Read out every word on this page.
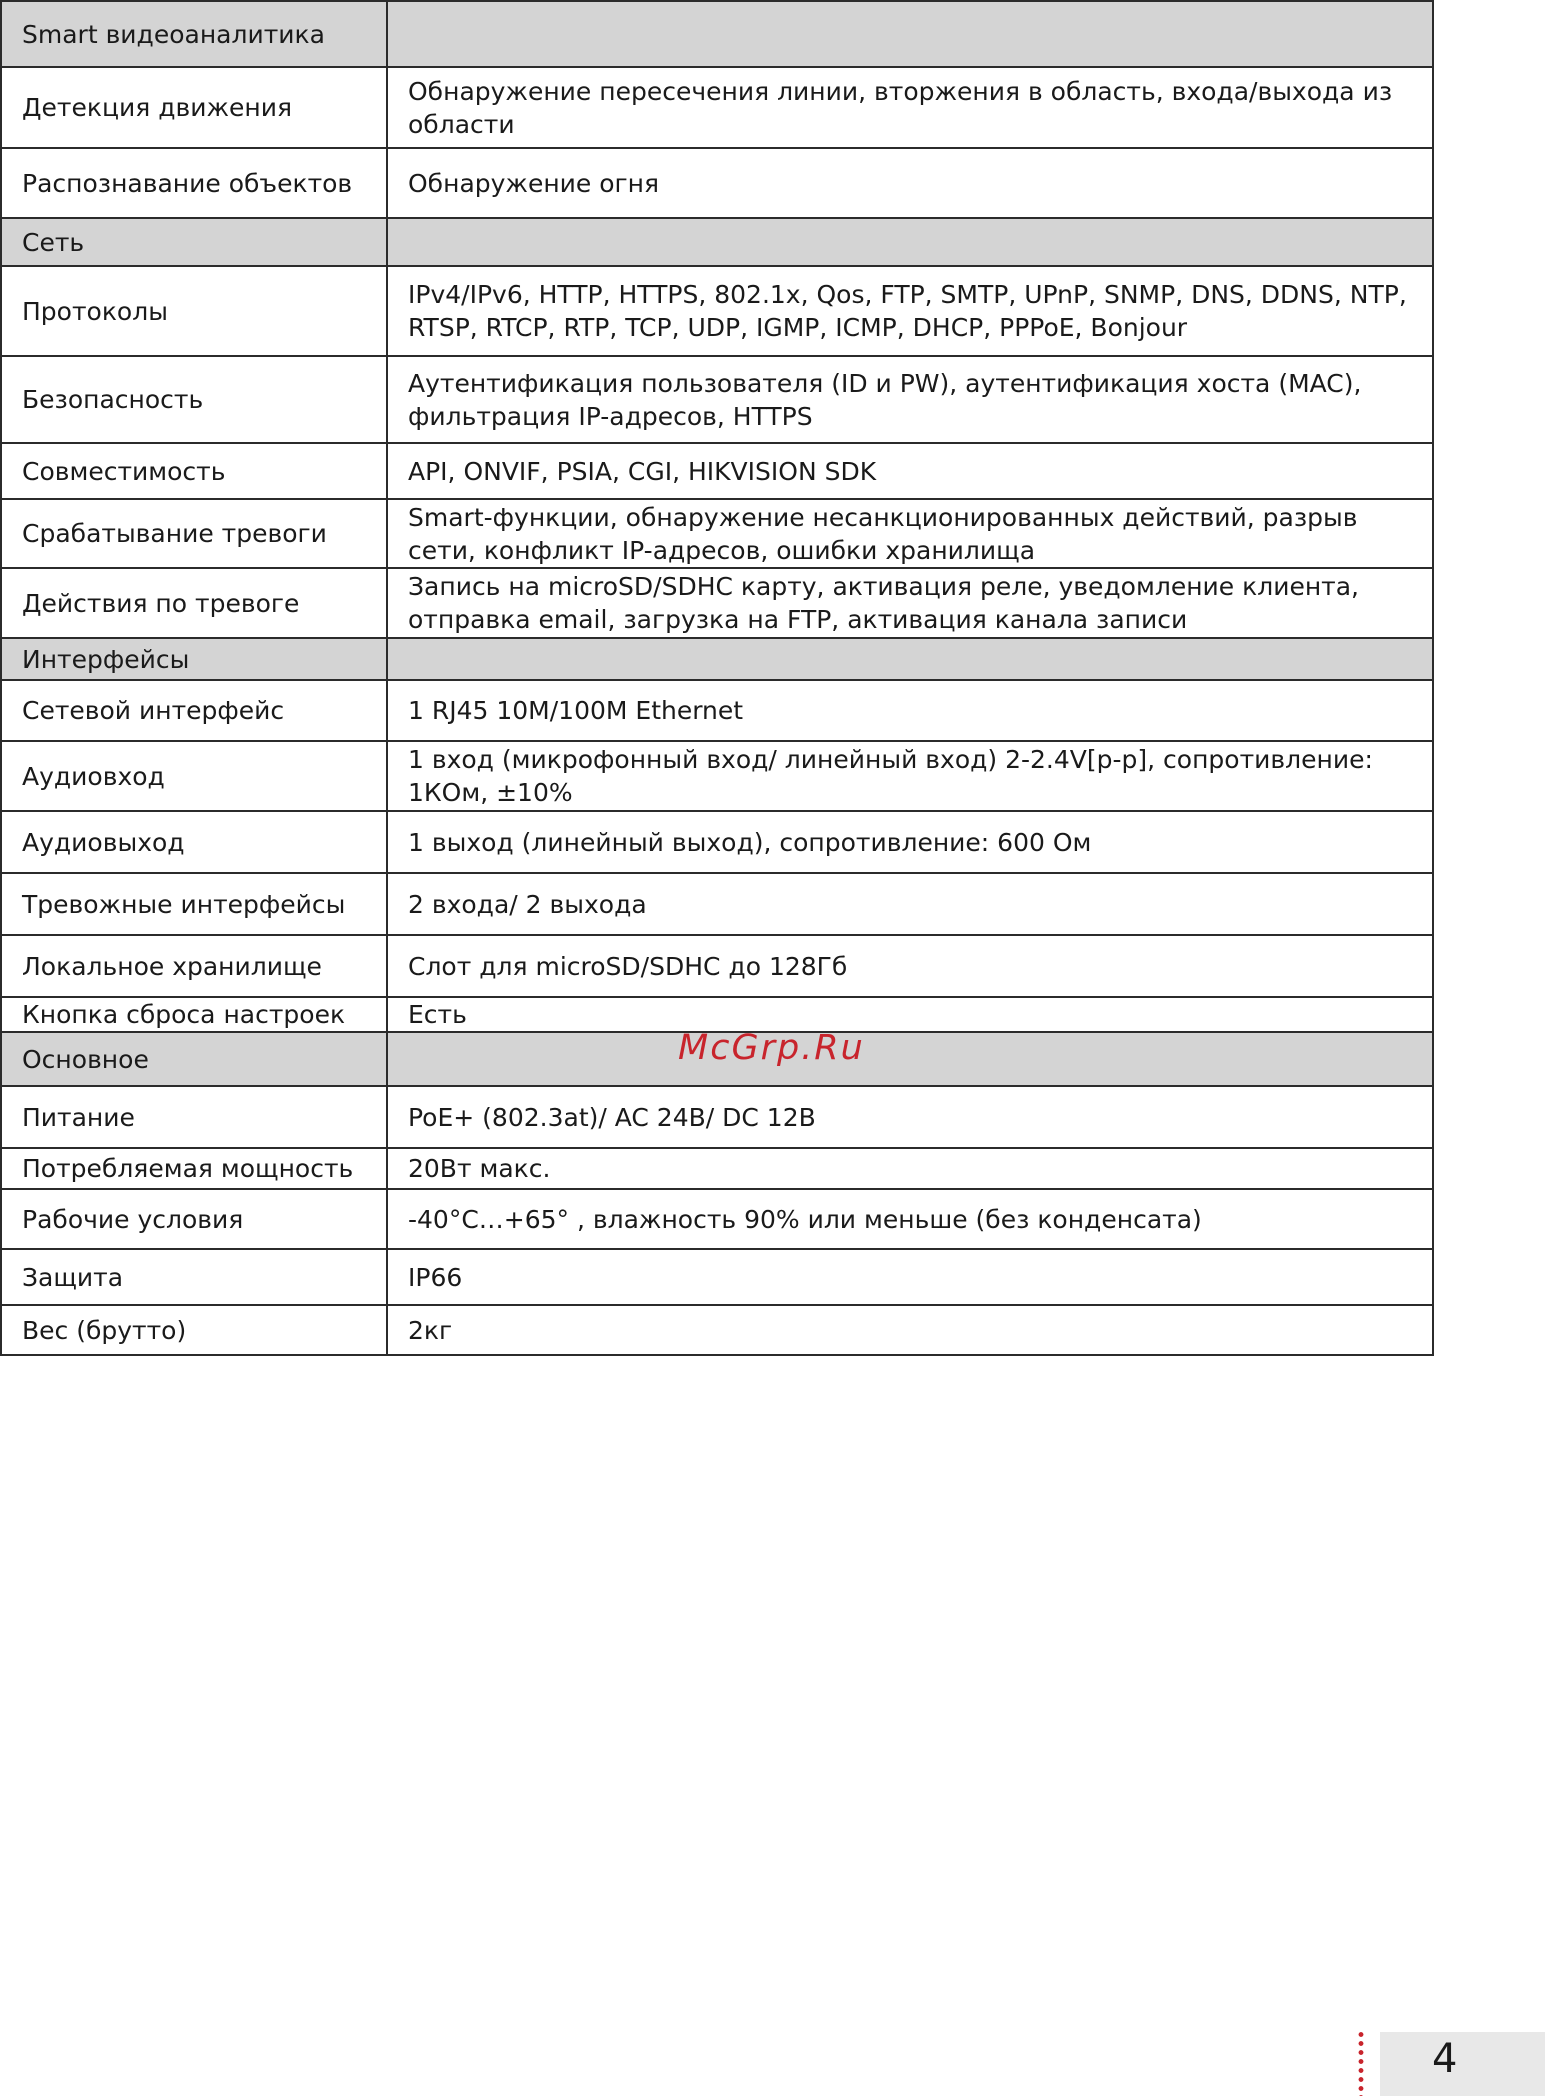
Smart видеоаналитика	
Детекция движения	Обнаружение пересечения линии, вторжения в область, входа/выхода из области
Распознавание объектов	Обнаружение огня
Сеть	
Протоколы	IPv4/IPv6, HTTP, HTTPS, 802.1x, Qos, FTP, SMTP, UPnP, SNMP, DNS, DDNS, NTP, RTSP, RTCP, RTP, TCP, UDP, IGMP, ICMP, DHCP, PPPoE, Bonjour
Безопасность	Аутентификация пользователя (ID и PW), аутентификация хоста (MAC), фильтрация IP-адресов, HTTPS
Совместимость	API, ONVIF, PSIA, CGI, HIKVISION SDK
Срабатывание тревоги	Smart-функции, обнаружение несанкционированных действий, разрыв сети, конфликт IP-адресов, ошибки хранилища
Действия по тревоге	Запись на microSD/SDHC карту, активация реле, уведомление клиента, отправка email, загрузка на FTP, активация канала записи
Интерфейсы	
Сетевой интерфейс	1 RJ45 10M/100M Ethernet
Аудиовход	1 вход (микрофонный вход/ линейный вход) 2-2.4V[p-p], сопротивление: 1КОм, ±10%
Аудиовыход	1 выход (линейный выход), сопротивление: 600 Ом
Тревожные интерфейсы	2 входа/ 2 выхода
Локальное хранилище	Слот для microSD/SDHC до 128Гб
Кнопка сброса настроек	Есть
Основное	
Питание	PoE+ (802.3at)/ AC 24В/ DC 12В
Потребляемая мощность	20Вт макс.
Рабочие условия	-40°C…+65° , влажность 90% или меньше (без конденсата)
Защита	IP66
Вес (брутто)	2кг
McGrp.Ru
4
